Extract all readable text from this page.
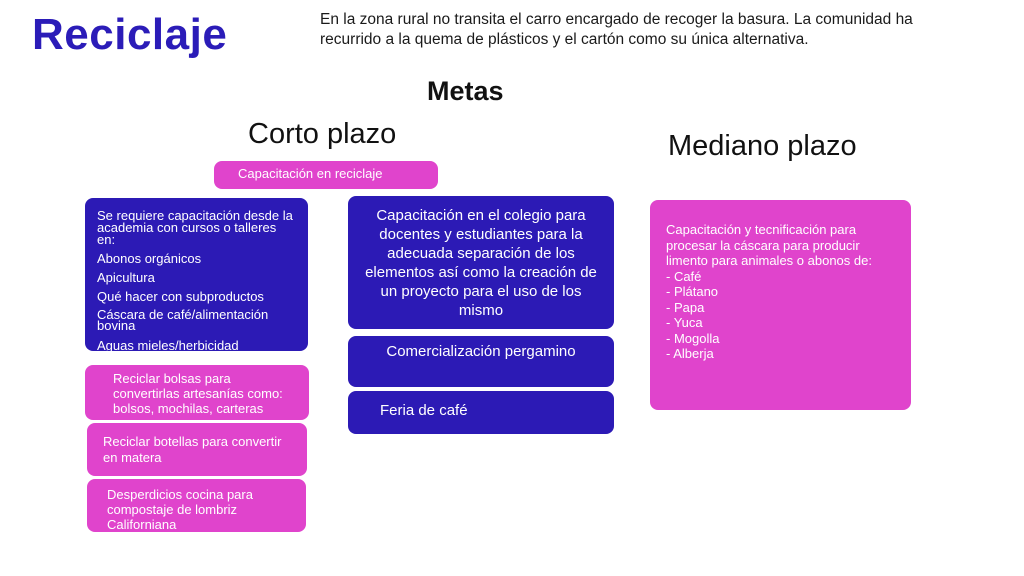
Reciclaje	En la zona rural no transita el carro encargado de recoger la basura. La comunidad ha recurrido a la quema de plásticos y el cartón como su única alternativa.
Metas
Corto plazo	Mediano plazo
Capacitación en reciclaje
Se requiere capacitación desde la academia con cursos o talleres en:
Abonos orgánicos
Apicultura
Qué hacer con subproductos
Cáscara de café/alimentación bovina
Aguas mieles/herbicidad
Capacitación en el colegio para docentes y estudiantes para la adecuada separación de los elementos así como la creación de un proyecto para el uso de los mismo
Comercialización pergamino
Feria de café
Reciclar bolsas para convertirlas artesanías como: bolsos, mochilas, carteras
Reciclar botellas para convertir en matera
Desperdicios cocina para compostaje de lombriz Californiana
Capacitación y tecnificación para procesar la cáscara para producir limento para animales o abonos de:
- Café
- Plátano
- Papa
- Yuca
- Mogolla
- Alberja
